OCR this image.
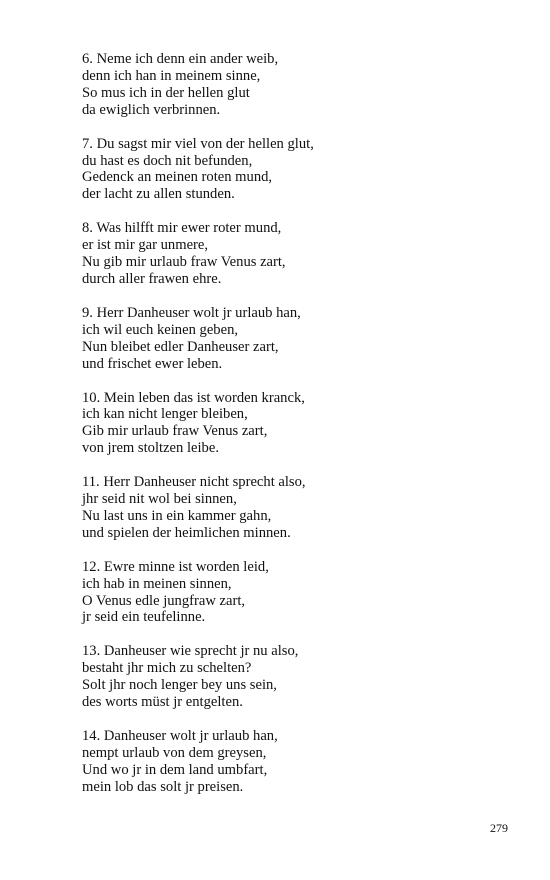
6. Neme ich denn ein ander weib,
denn ich han in meinem sinne,
So mus ich in der hellen glut
da ewiglich verbrinnen.
7. Du sagst mir viel von der hellen glut,
du hast es doch nit befunden,
Gedenck an meinen roten mund,
der lacht zu allen stunden.
8. Was hilfft mir ewer roter mund,
er ist mir gar unmere,
Nu gib mir urlaub fraw Venus zart,
durch aller frawen ehre.
9. Herr Danheuser wolt jr urlaub han,
ich wil euch keinen geben,
Nun bleibet edler Danheuser zart,
und frischet ewer leben.
10. Mein leben das ist worden kranck,
ich kan nicht lenger bleiben,
Gib mir urlaub fraw Venus zart,
von jrem stoltzen leibe.
11. Herr Danheuser nicht sprecht also,
jhr seid nit wol bei sinnen,
Nu last uns in ein kammer gahn,
und spielen der heimlichen minnen.
12. Ewre minne ist worden leid,
ich hab in meinen sinnen,
O Venus edle jungfraw zart,
jr seid ein teufelinne.
13. Danheuser wie sprecht jr nu also,
bestaht jhr mich zu schelten?
Solt jhr noch lenger bey uns sein,
des worts müst jr entgelten.
14. Danheuser wolt jr urlaub han,
nempt urlaub von dem greysen,
Und wo jr in dem land umbfart,
mein lob das solt jr preisen.
279
